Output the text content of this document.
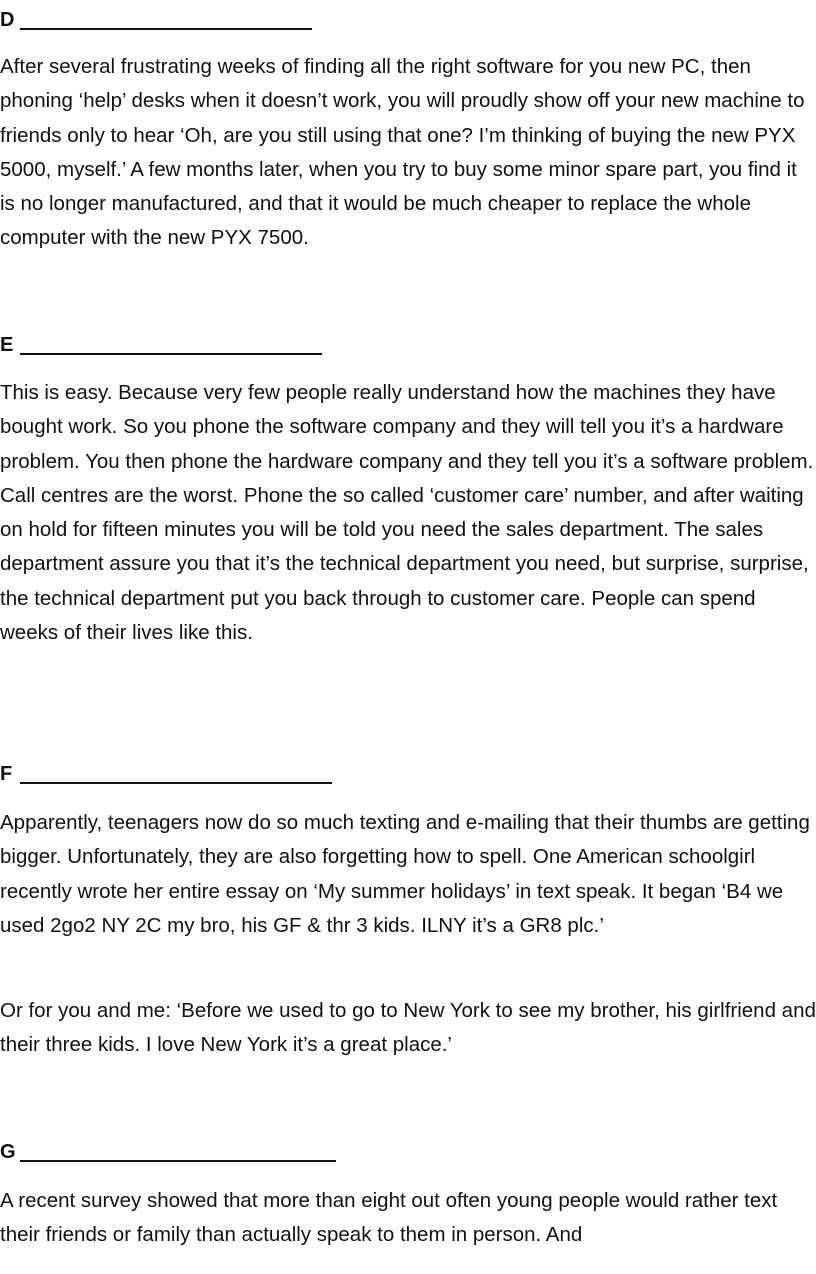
D

After several frustrating weeks of finding all the right software for you new PC, then phoning ‘help’ desks when it doesn’t work, you will proudly show off your new machine to friends only to hear ‘Oh, are you still using that one? I’m thinking of buying the new PYX 5000, myself.’ A few months later, when you try to buy some minor spare part, you find it is no longer manufactured, and that it would be much cheaper to replace the whole computer with the new PYX 7500.

E

This is easy. Because very few people really understand how the machines they have bought work. So you phone the software company and they will tell you it’s a hardware problem. You then phone the hardware company and they tell you it’s a software problem. Call centres are the worst. Phone the so called ‘customer care’ number, and after waiting on hold for fifteen minutes you will be told you need the sales department. The sales department assure you that it’s the technical department you need, but surprise, surprise, the technical department put you back through to customer care. People can spend weeks of their lives like this.

F

Apparently, teenagers now do so much texting and e-mailing that their thumbs are getting bigger. Unfortunately, they are also forgetting how to spell. One American schoolgirl recently wrote her entire essay on ‘My summer holidays’ in text speak. It began ‘B4 we used 2go2 NY 2C my bro, his GF & thr 3 kids. ILNY it’s a GR8 plc.’

Or for you and me: ‘Before we used to go to New York to see my brother, his girlfriend and their three kids. I love New York it’s a great place.’

G

A recent survey showed that more than eight out often young people would rather text their friends or family than actually speak to them in person. And
